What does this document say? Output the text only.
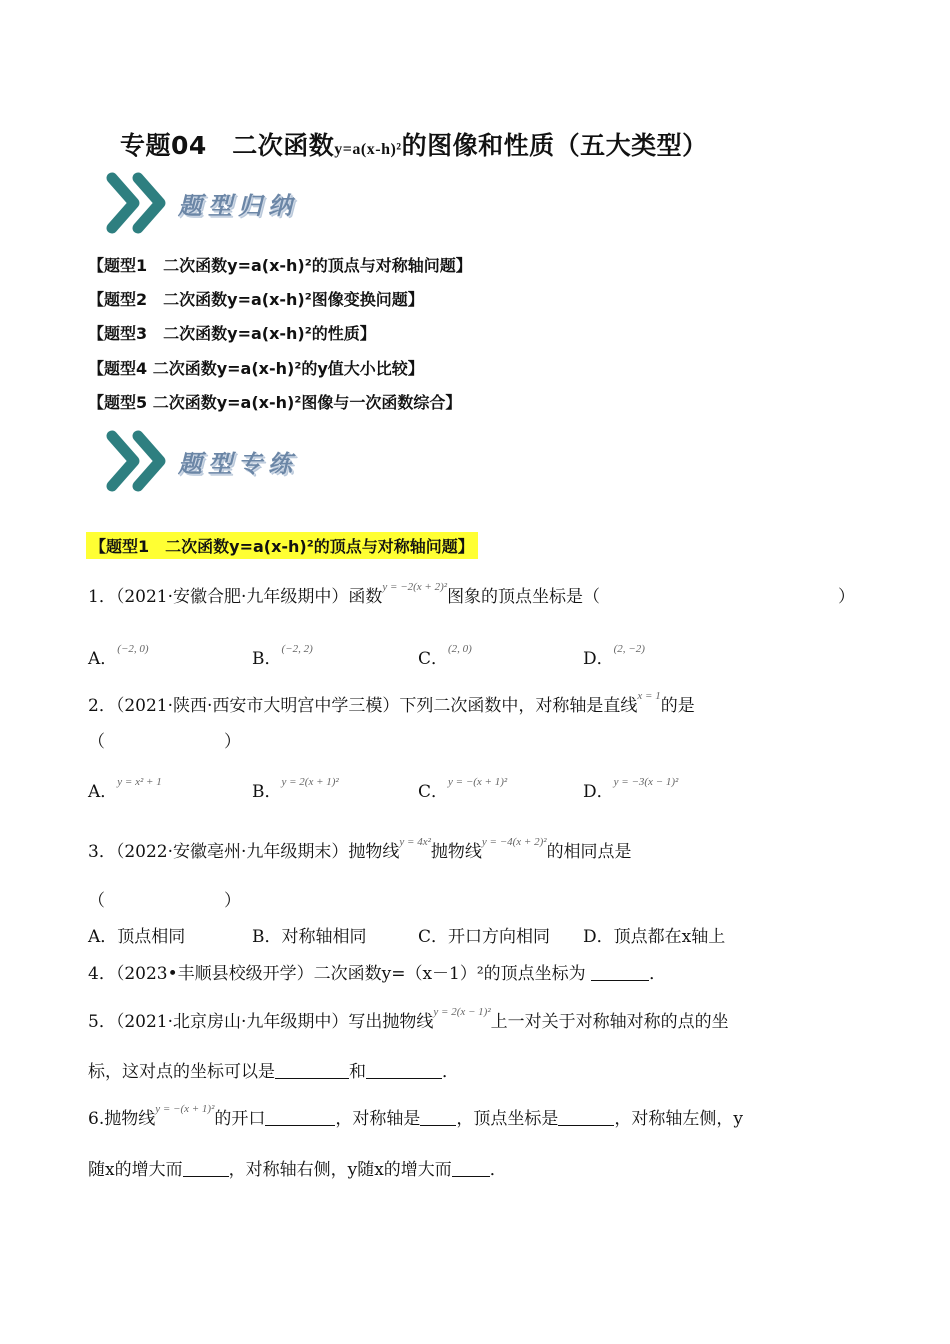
专题04　二次函数y=a(x-h)²的图像和性质（五大类型）
题型归纳
【题型1　二次函数y=a(x-h)²的顶点与对称轴问题】
【题型2　二次函数y=a(x-h)²图像变换问题】
【题型3　二次函数y=a(x-h)²的性质】
【题型4 二次函数y=a(x-h)²的y值大小比较】
【题型5 二次函数y=a(x-h)²图像与一次函数综合】
题型专练
【题型1　二次函数y=a(x-h)²的顶点与对称轴问题】
1．（2021·安徽合肥·九年级期中）函数$^{y = -2(x + 2)^2}$图象的顶点坐标是（	）
A．$^{(-2, 0)}$	B．$^{(-2, 2)}$	C．$^{(2, 0)}$	D．$^{(2, -2)}$
2．（2021·陕西·西安市大明宫中学三模）下列二次函数中，对称轴是直线$^{x = 1}$的是
（　　　　　　　）
A．$^{y = x^2 + 1}$	B．$^{y = 2(x + 1)^2}$	C．$^{y = -(x + 1)^2}$	D．$^{y = -3(x - 1)^2}$
3．（2022·安徽亳州·九年级期末）抛物线$^{y = 4x^2}$抛物线$^{y = -4(x + 2)^2}$的相同点是
（　　　　　　　）
A．顶点相同	B．对称轴相同	C．开口方向相同 D．顶点都在x轴上
4．（2023•丰顺县校级开学）二次函数y=（x－1）²的顶点坐标为	．
5．（2021·北京房山·九年级期中）写出抛物线$^{y = 2(x - 1)^2}$上一对关于对称轴对称的点的坐
标，这对点的坐标可以是	和	．
6.抛物线$^{y = -(x + 1)^2}$的开口	，对称轴是 ，顶点坐标是	，对称轴左侧，y
随x的增大而	，对称轴右侧，y随x的增大而 ．
